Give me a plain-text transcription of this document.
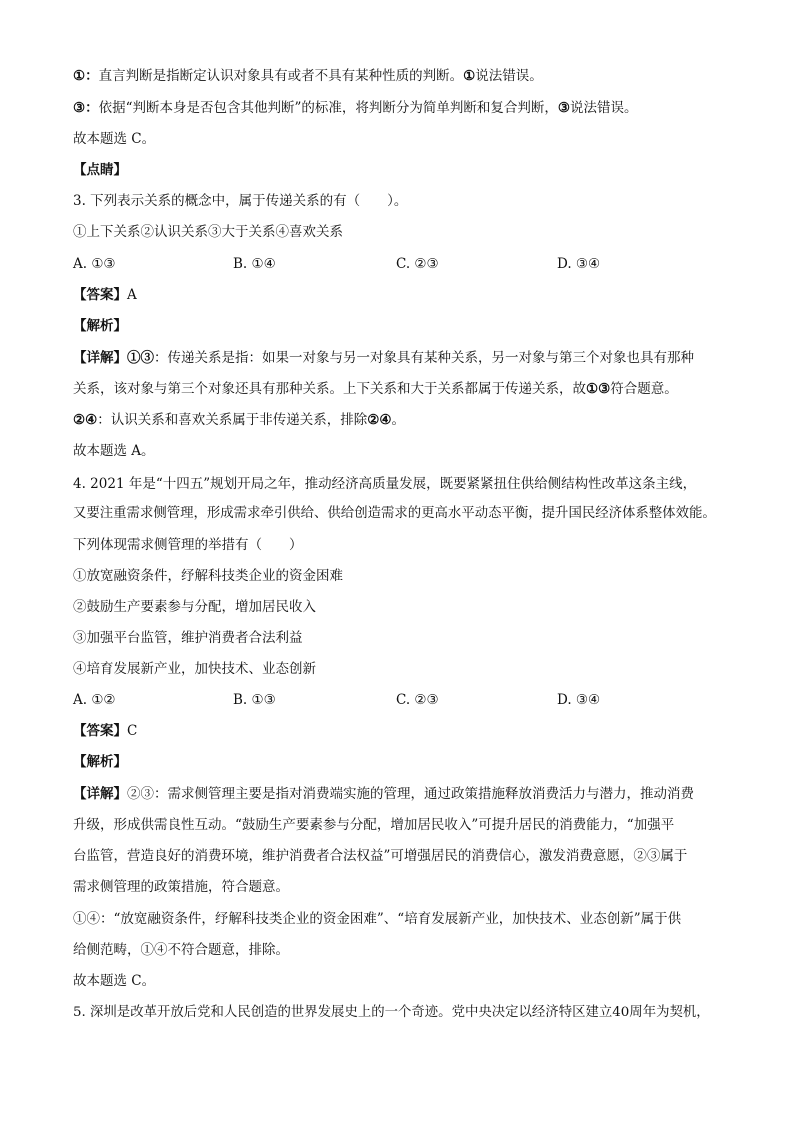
①：直言判断是指断定认识对象具有或者不具有某种性质的判断。①说法错误。
③：依据“判断本身是否包含其他判断”的标准，将判断分为简单判断和复合判断，③说法错误。
故本题选 C。
【点睛】
3. 下列表示关系的概念中，属于传递关系的有（　　）。
①上下关系②认识关系③大于关系④喜欢关系
A. ①③	B. ①④	C. ②③	D. ③④
【答案】A
【解析】
【详解】①③：传递关系是指：如果一对象与另一对象具有某种关系，另一对象与第三个对象也具有那种
关系，该对象与第三个对象还具有那种关系。上下关系和大于关系都属于传递关系，故①③符合题意。
②④：认识关系和喜欢关系属于非传递关系，排除②④。
故本题选 A。
4. 2021 年是“十四五”规划开局之年，推动经济高质量发展，既要紧紧扭住供给侧结构性改革这条主线，
又要注重需求侧管理，形成需求牵引供给、供给创造需求的更高水平动态平衡，提升国民经济体系整体效能。
下列体现需求侧管理的举措有（　　）
①放宽融资条件，纾解科技类企业的资金困难
②鼓励生产要素参与分配，增加居民收入
③加强平台监管，维护消费者合法利益
④培育发展新产业，加快技术、业态创新
A. ①②	B. ①③	C. ②③	D. ③④
【答案】C
【解析】
【详解】②③：需求侧管理主要是指对消费端实施的管理，通过政策措施释放消费活力与潜力，推动消费
升级，形成供需良性互动。“鼓励生产要素参与分配，增加居民收入”可提升居民的消费能力，“加强平
台监管，营造良好的消费环境，维护消费者合法权益”可增强居民的消费信心，激发消费意愿，②③属于
需求侧管理的政策措施，符合题意。
①④：“放宽融资条件，纾解科技类企业的资金困难”、“培育发展新产业，加快技术、业态创新”属于供
给侧范畴，①④不符合题意，排除。
故本题选 C。
5. 深圳是改革开放后党和人民创造的世界发展史上的一个奇迹。党中央决定以经济特区建立40周年为契机，
